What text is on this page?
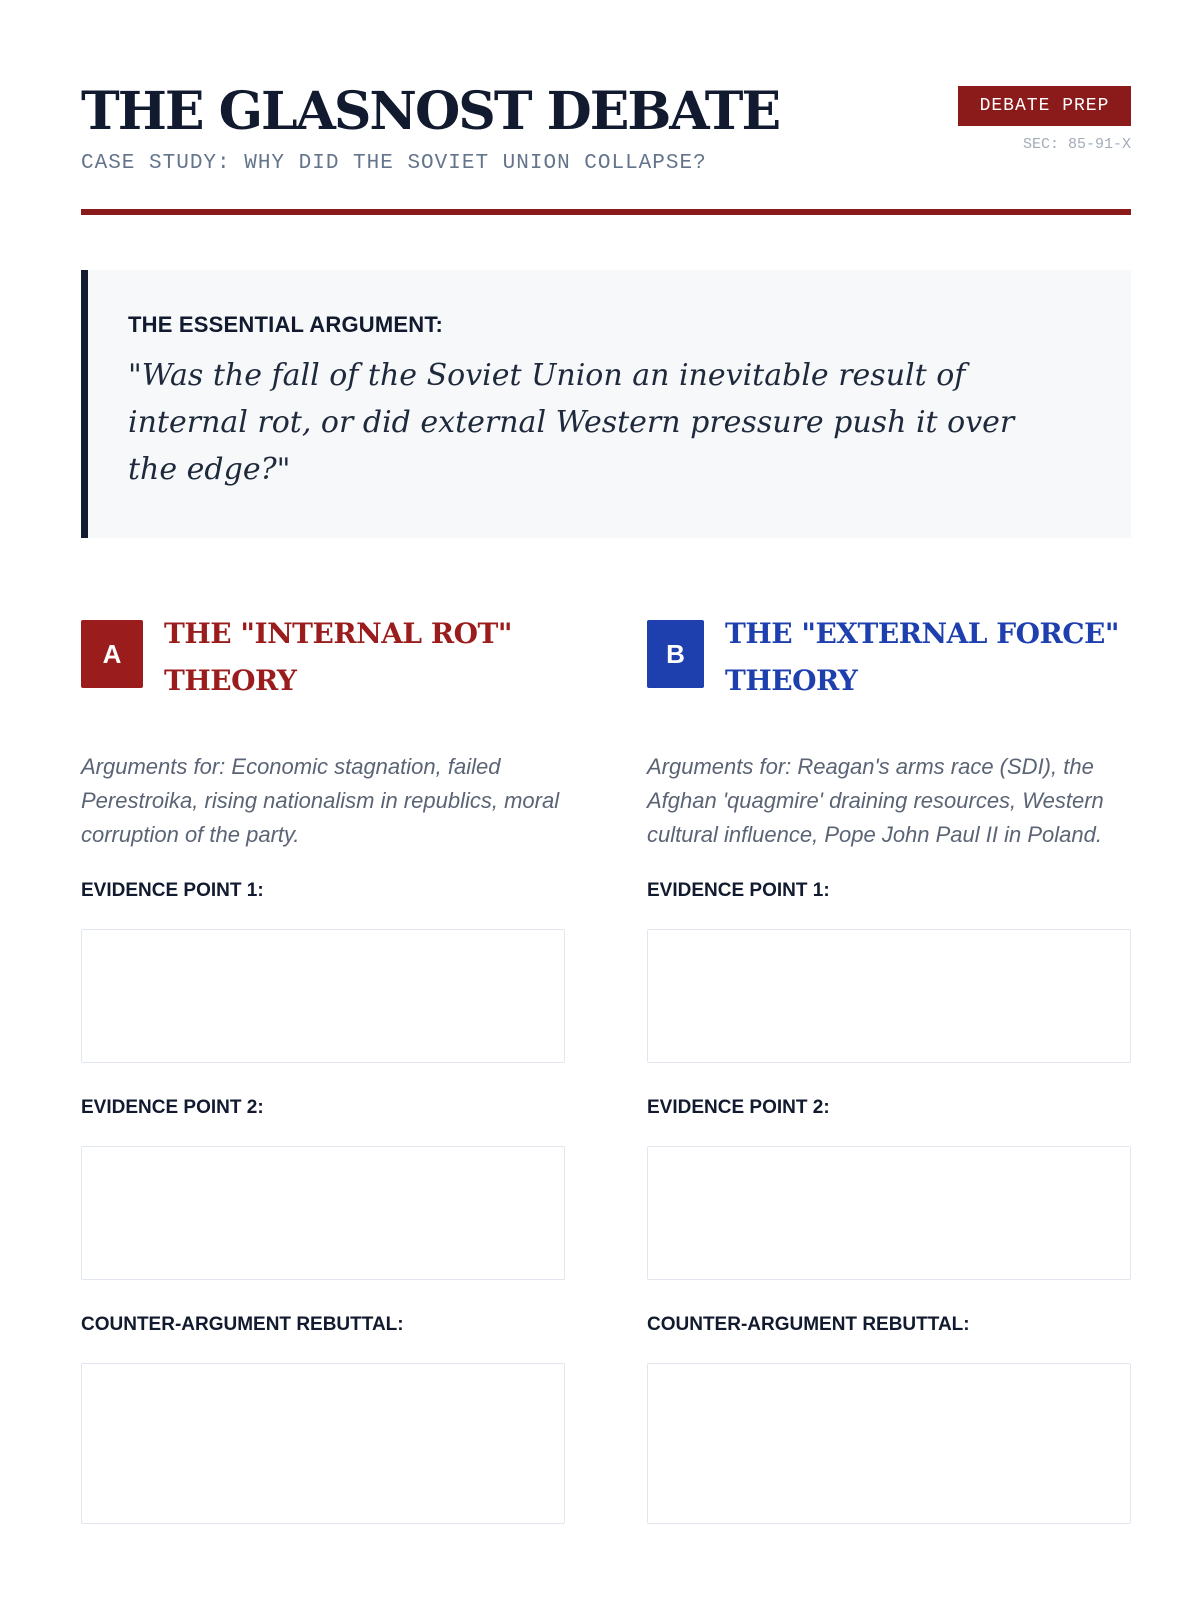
THE GLASNOST DEBATE
CASE STUDY: WHY DID THE SOVIET UNION COLLAPSE?
DEBATE PREP
SEC: 85-91-X
THE ESSENTIAL ARGUMENT:
"Was the fall of the Soviet Union an inevitable result of internal rot, or did external Western pressure push it over the edge?"
A
THE "INTERNAL ROT"
THEORY
Arguments for: Economic stagnation, failed Perestroika, rising nationalism in republics, moral corruption of the party.
EVIDENCE POINT 1:
EVIDENCE POINT 2:
COUNTER-ARGUMENT REBUTTAL:
B
THE "EXTERNAL FORCE"
THEORY
Arguments for: Reagan's arms race (SDI), the Afghan 'quagmire' draining resources, Western cultural influence, Pope John Paul II in Poland.
EVIDENCE POINT 1:
EVIDENCE POINT 2:
COUNTER-ARGUMENT REBUTTAL:
